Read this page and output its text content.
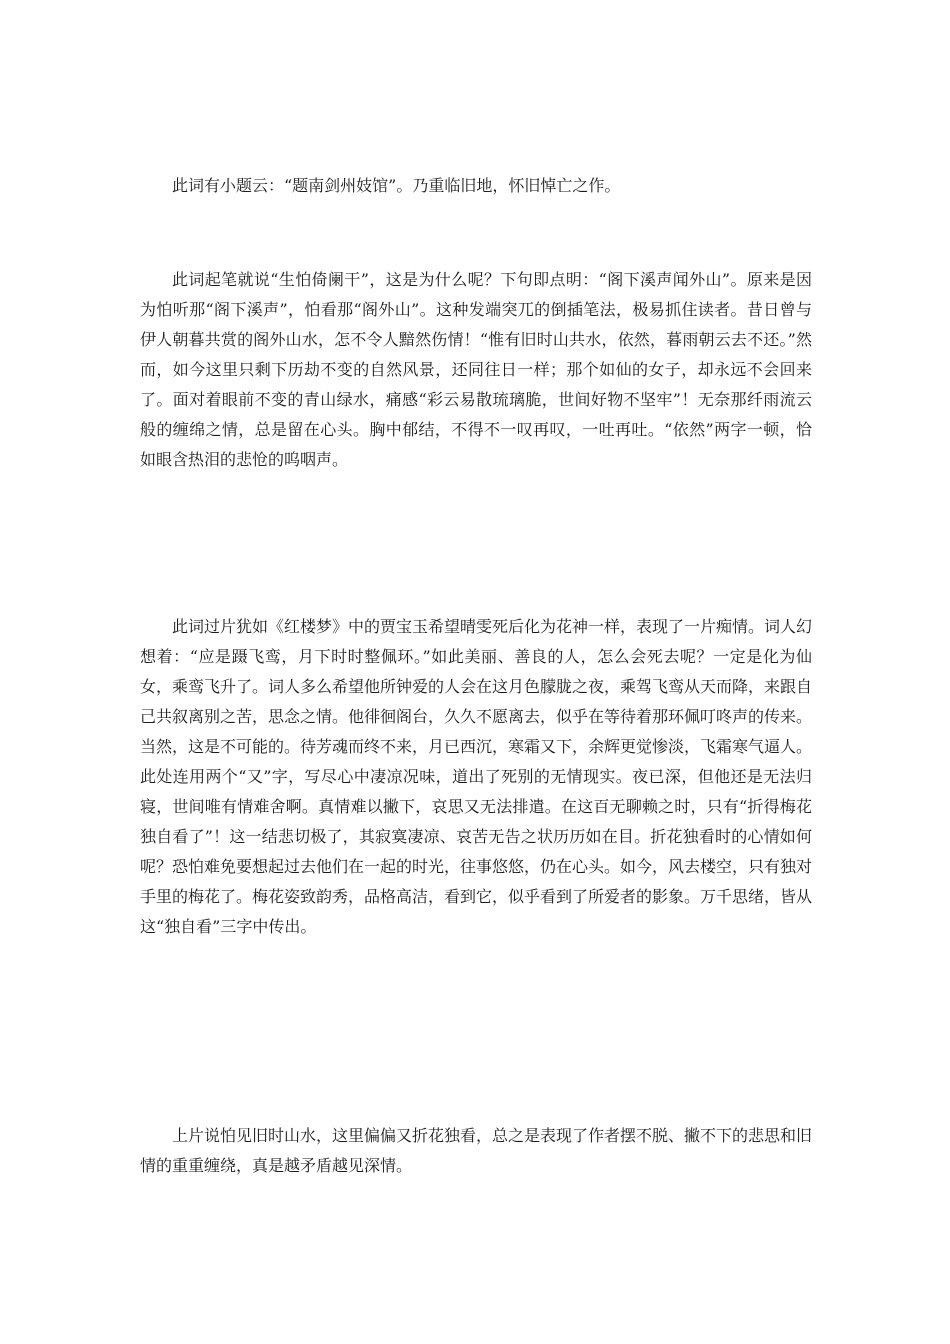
此词有小题云：“题南剑州妓馆”。乃重临旧地，怀旧悼亡之作。

此词起笔就说“生怕倚阑干”，这是为什么呢？下句即点明：“阁下溪声闻外山”。原来是因为怕听那“阁下溪声”，怕看那“阁外山”。这种发端突兀的倒插笔法，极易抓住读者。昔日曾与伊人朝暮共赏的阁外山水，怎不令人黯然伤情！“惟有旧时山共水，依然，暮雨朝云去不还。”然而，如今这里只剩下历劫不变的自然风景，还同往日一样；那个如仙的女子，却永远不会回来了。面对着眼前不变的青山绿水，痛感“彩云易散琉璃脆，世间好物不坚牢”！无奈那纤雨流云般的缠绵之情，总是留在心头。胸中郁结，不得不一叹再叹，一吐再吐。“依然”两字一顿，恰如眼含热泪的悲怆的呜咽声。

此词过片犹如《红楼梦》中的贾宝玉希望晴雯死后化为花神一样，表现了一片痴情。词人幻想着：“应是蹑飞鸾，月下时时整佩环。”如此美丽、善良的人，怎么会死去呢？一定是化为仙女，乘鸾飞升了。词人多么希望他所钟爱的人会在这月色朦胧之夜，乘驾飞鸾从天而降，来跟自己共叙离别之苦，思念之情。他徘徊阁台，久久不愿离去，似乎在等待着那环佩叮咚声的传来。当然，这是不可能的。待芳魂而终不来，月已西沉，寒霜又下，余辉更觉惨淡，飞霜寒气逼人。此处连用两个“又”字，写尽心中凄凉况味，道出了死别的无情现实。夜已深，但他还是无法归寝，世间唯有情难舍啊。真情难以撇下，哀思又无法排遣。在这百无聊赖之时，只有“折得梅花独自看了”！这一结悲切极了，其寂寞凄凉、哀苦无告之状历历如在目。折花独看时的心情如何呢？恐怕难免要想起过去他们在一起的时光，往事悠悠，仍在心头。如今，风去楼空，只有独对手里的梅花了。梅花姿致韵秀，品格高洁，看到它，似乎看到了所爱者的影象。万千思绪，皆从这“独自看”三字中传出。

上片说怕见旧时山水，这里偏偏又折花独看，总之是表现了作者摆不脱、撇不下的悲思和旧情的重重缠绕，真是越矛盾越见深情。
